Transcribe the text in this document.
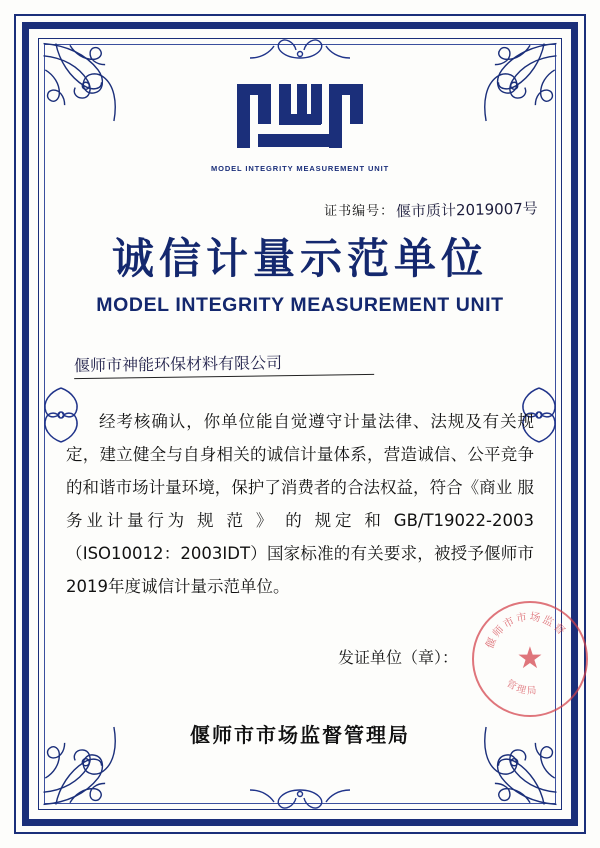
MODEL INTEGRITY MEASUREMENT UNIT
证书编号： 偃市质计2019007号
诚信计量示范单位
MODEL INTEGRITY MEASUREMENT UNIT
偃师市神能环保材料有限公司

经考核确认，你单位能自觉遵守计量法律、法规及有关规定，建立健全与自身相关的诚信计量体系，营造诚信、公平竞争的和谐市场计量环境，保护了消费者的合法权益，符合《商业 服务业计量行为 规 范 》 的 规定 和 GB/T19022-2003（ISO10012：2003IDT）国家标准的有关要求，被授予偃师市2019年度诚信计量示范单位。

发证单位（章）：
偃师市市场监督
管理局
★
偃师市市场监督管理局
